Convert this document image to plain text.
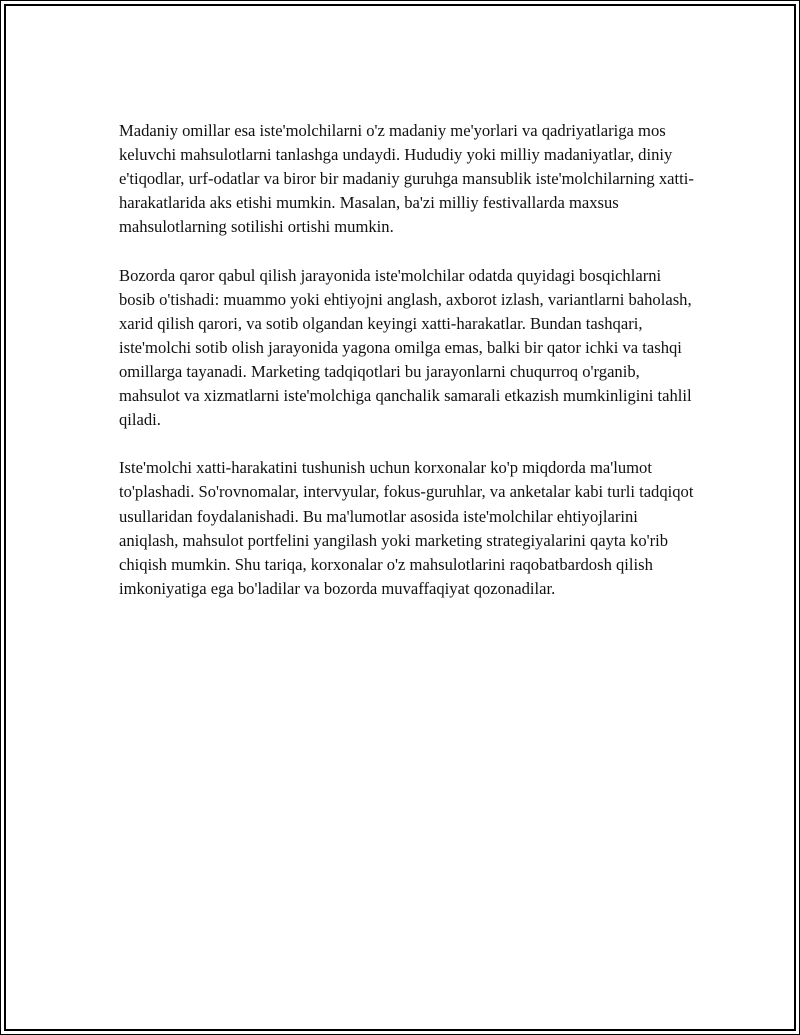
Madaniy omillar esa iste'molchilarni o'z madaniy me'yorlari va qadriyatlariga mos keluvchi mahsulotlarni tanlashga undaydi. Hududiy yoki milliy madaniyatlar, diniy e'tiqodlar, urf-odatlar va biror bir madaniy guruhga mansublik iste'molchilarning xatti-harakatlarida aks etishi mumkin. Masalan, ba'zi milliy festivallarda maxsus mahsulotlarning sotilishi ortishi mumkin.

Bozorda qaror qabul qilish jarayonida iste'molchilar odatda quyidagi bosqichlarni bosib o'tishadi: muammo yoki ehtiyojni anglash, axborot izlash, variantlarni baholash, xarid qilish qarori, va sotib olgandan keyingi xatti-harakatlar. Bundan tashqari, iste'molchi sotib olish jarayonida yagona omilga emas, balki bir qator ichki va tashqi omillarga tayanadi. Marketing tadqiqotlari bu jarayonlarni chuqurroq o'rganib, mahsulot va xizmatlarni iste'molchiga qanchalik samarali etkazish mumkinligini tahlil qiladi.

Iste'molchi xatti-harakatini tushunish uchun korxonalar ko'p miqdorda ma'lumot to'plashadi. So'rovnomalar, intervyular, fokus-guruhlar, va anketalar kabi turli tadqiqot usullaridan foydalanishadi. Bu ma'lumotlar asosida iste'molchilar ehtiyojlarini aniqlash, mahsulot portfelini yangilash yoki marketing strategiyalarini qayta ko'rib chiqish mumkin. Shu tariqa, korxonalar o'z mahsulotlarini raqobatbardosh qilish imkoniyatiga ega bo'ladilar va bozorda muvaffaqiyat qozonadilar.
